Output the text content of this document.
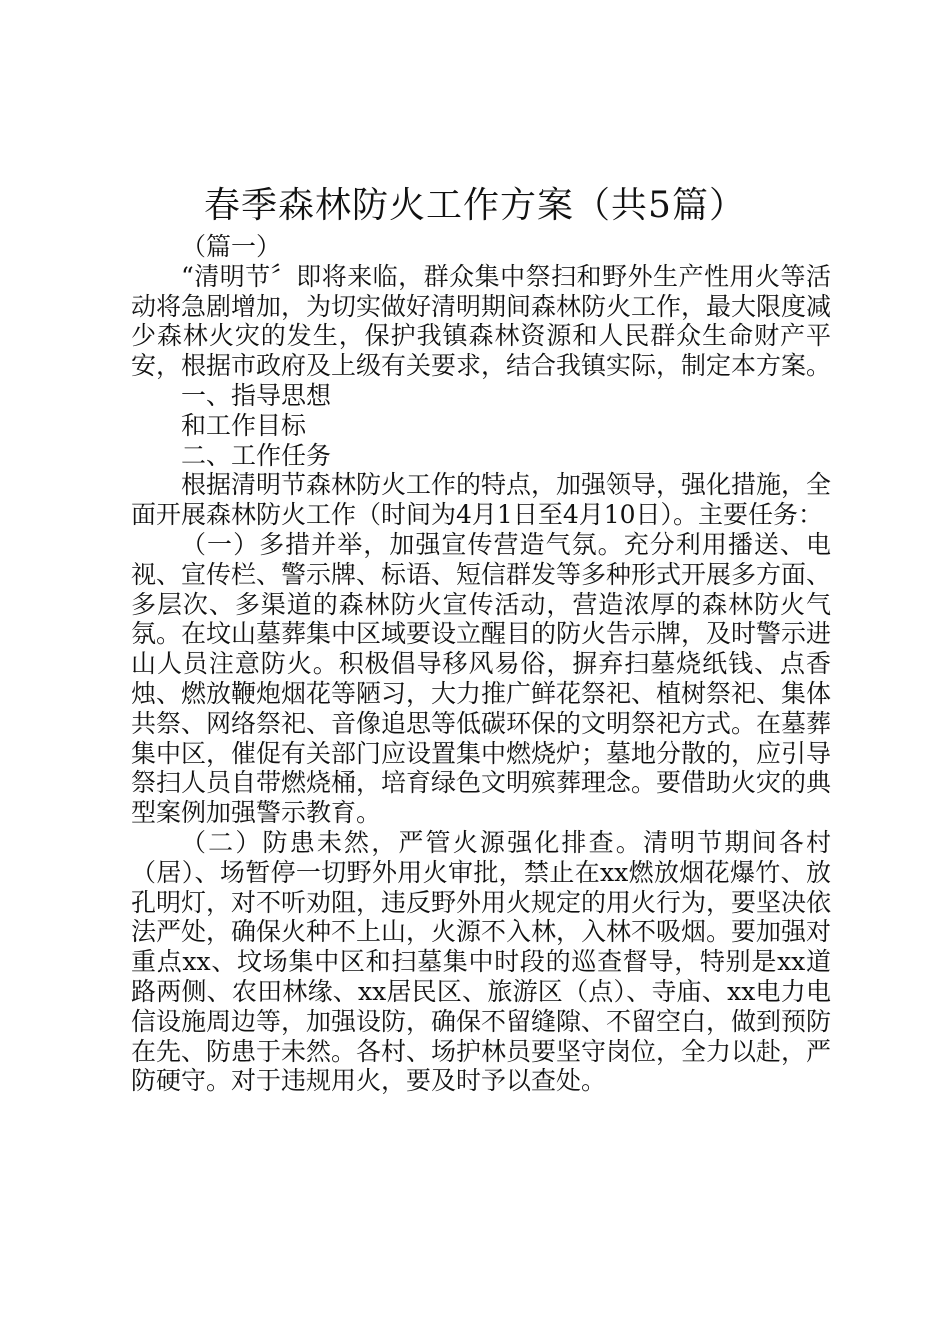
春季森林防火工作方案（共5篇）

（篇一）

“清明节〞即将来临，群众集中祭扫和野外生产性用火等活动将急剧增加，为切实做好清明期间森林防火工作，最大限度减少森林火灾的发生，保护我镇森林资源和人民群众生命财产平安，根据市政府及上级有关要求，结合我镇实际，制定本方案。

一、指导思想

和工作目标

二、工作任务

根据清明节森林防火工作的特点，加强领导，强化措施，全面开展森林防火工作（时间为4月1日至4月10日）。主要任务：

（一）多措并举，加强宣传营造气氛。充分利用播送、电视、宣传栏、警示牌、标语、短信群发等多种形式开展多方面、多层次、多渠道的森林防火宣传活动，营造浓厚的森林防火气氛。在坟山墓葬集中区域要设立醒目的防火告示牌，及时警示进山人员注意防火。积极倡导移风易俗，摒弃扫墓烧纸钱、点香烛、燃放鞭炮烟花等陋习，大力推广鲜花祭祀、植树祭祀、集体共祭、网络祭祀、音像追思等低碳环保的文明祭祀方式。在墓葬集中区，催促有关部门应设置集中燃烧炉；墓地分散的，应引导祭扫人员自带燃烧桶，培育绿色文明殡葬理念。要借助火灾的典型案例加强警示教育。

（二）防患未然，严管火源强化排查。清明节期间各村（居）、场暂停一切野外用火审批，禁止在xx燃放烟花爆竹、放孔明灯，对不听劝阻，违反野外用火规定的用火行为，要坚决依法严处，确保火种不上山，火源不入林，入林不吸烟。要加强对重点xx、坟场集中区和扫墓集中时段的巡查督导，特别是xx道路两侧、农田林缘、xx居民区、旅游区（点）、寺庙、xx电力电信设施周边等，加强设防，确保不留缝隙、不留空白，做到预防在先、防患于未然。各村、场护林员要坚守岗位，全力以赴，严防硬守。对于违规用火，要及时予以查处。
